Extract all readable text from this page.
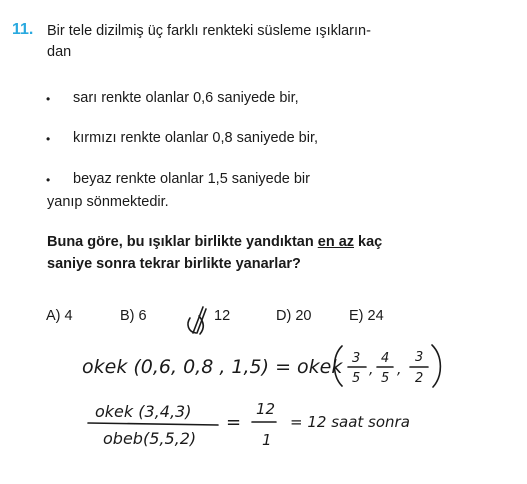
11. Bir tele dizilmiş üç farklı renkteki süsleme ışıkların-
dan
• sarı renkte olanlar 0,6 saniyede bir,
• kırmızı renkte olanlar 0,8 saniyede bir,
• beyaz renkte olanlar 1,5 saniyede bir
yanıp sönmektedir.
Buna göre, bu ışıklar birlikte yandıktan en az kaç
saniye sonra tekrar birlikte yanarlar?
A) 4	B) 6	12	D) 20	E) 24
okek (0,6, 0,8 , 1,5) = okek 3
5
,
4
5
,
3
2
okek (3,4,3)
obeb(5,5,2)
=
12
1
= 12 saat sonra
